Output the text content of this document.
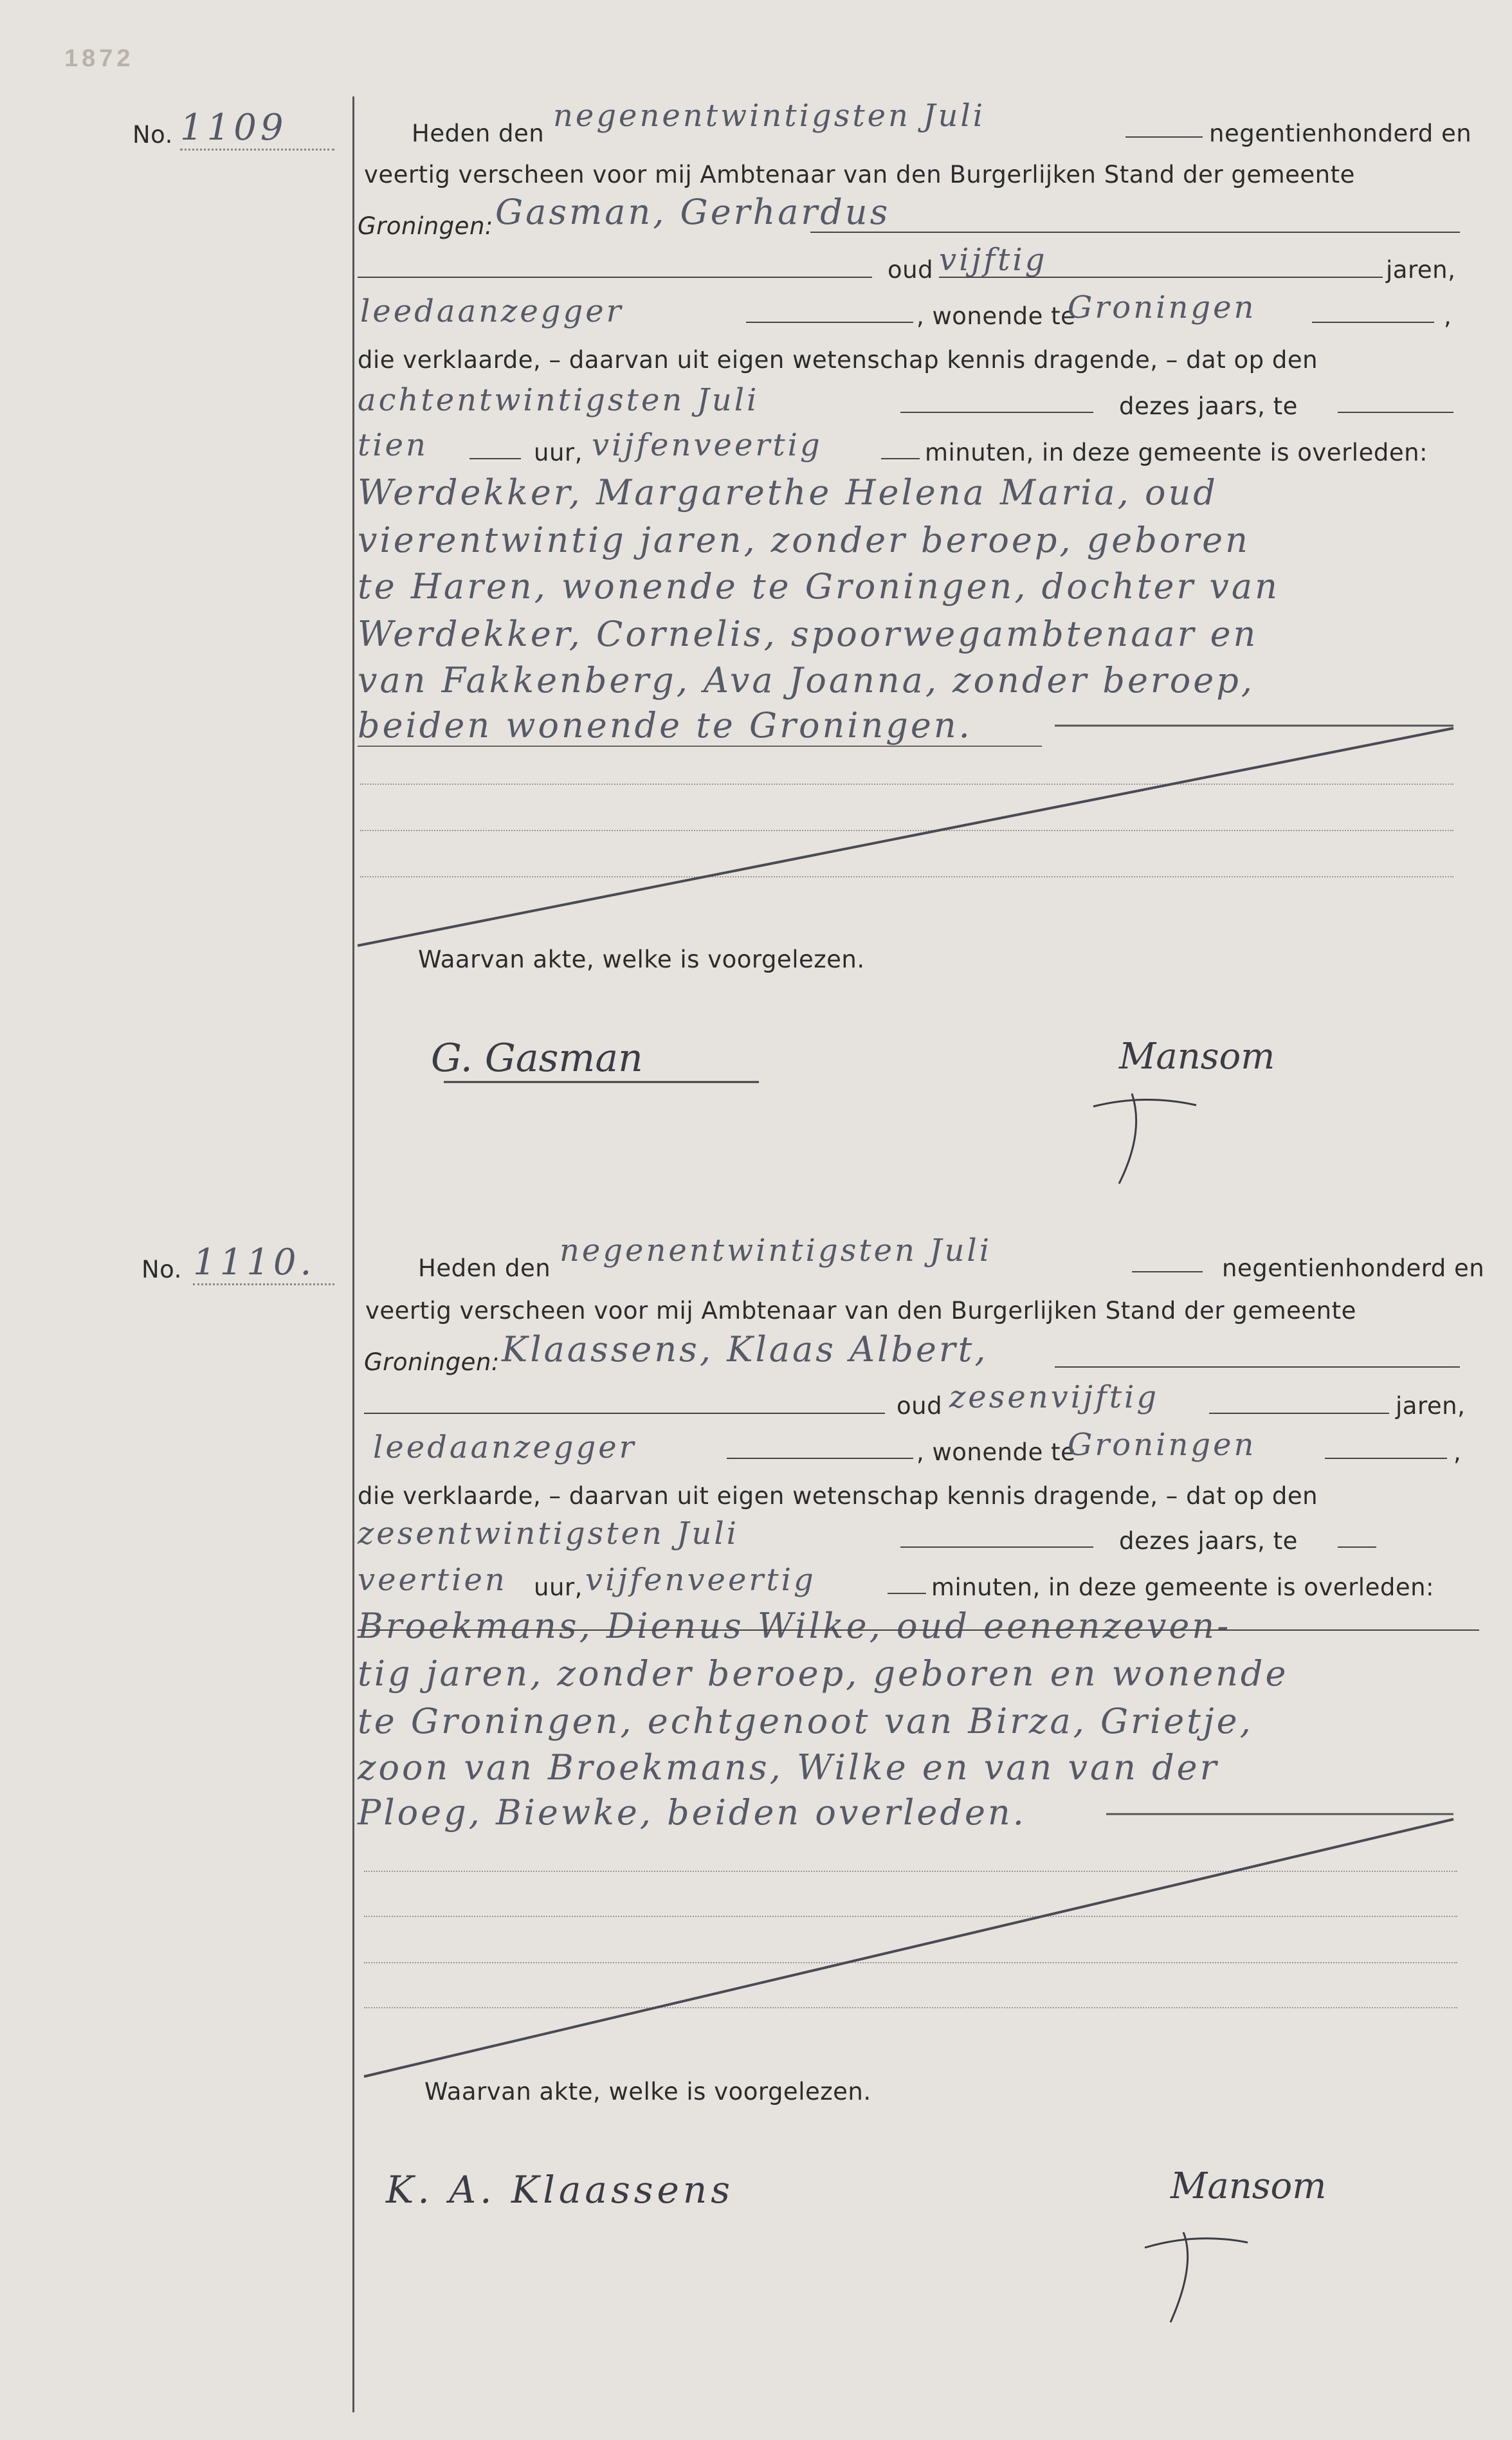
1872
No. 1109	Heden den negenentwintigsten Juli	negentienhonderd en
veertig verscheen voor mij Ambtenaar van den Burgerlijken Stand der gemeente
Groningen: Gasman, Gerhardus
oud vijftig	jaren,
leedaanzegger	, wonende te
Groningen	,
die verklaarde, – daarvan uit eigen wetenschap kennis dragende, – dat op den
achtentwintigsten Juli	dezes jaars, te
tien	uur, vijfenveertig	minuten, in deze gemeente is overleden:
Werdekker, Margarethe Helena Maria, oud
vierentwintig jaren, zonder beroep, geboren
te Haren, wonende te Groningen, dochter van
Werdekker, Cornelis, spoorwegambtenaar en
van Fakkenberg, Ava Joanna, zonder beroep,
beiden wonende te Groningen.
Waarvan akte, welke is voorgelezen.
G. Gasman	Mansom
No. 1110.	Heden den negenentwintigsten Juli	negentienhonderd en
veertig verscheen voor mij Ambtenaar van den Burgerlijken Stand der gemeente
Groningen: Klaassens, Klaas Albert,
oud zesenvijftig	jaren,
leedaanzegger	, wonende te
Groningen	,
die verklaarde, – daarvan uit eigen wetenschap kennis dragende, – dat op den
zesentwintigsten Juli	dezes jaars, te
veertien uur, vijfenveertig	minuten, in deze gemeente is overleden:
Broekmans, Dienus Wilke, oud eenenzeven-
tig jaren, zonder beroep, geboren en wonende
te Groningen, echtgenoot van Birza, Grietje,
zoon van Broekmans, Wilke en van van der
Ploeg, Biewke, beiden overleden.
Waarvan akte, welke is voorgelezen.
K. A. Klaassens	Mansom
